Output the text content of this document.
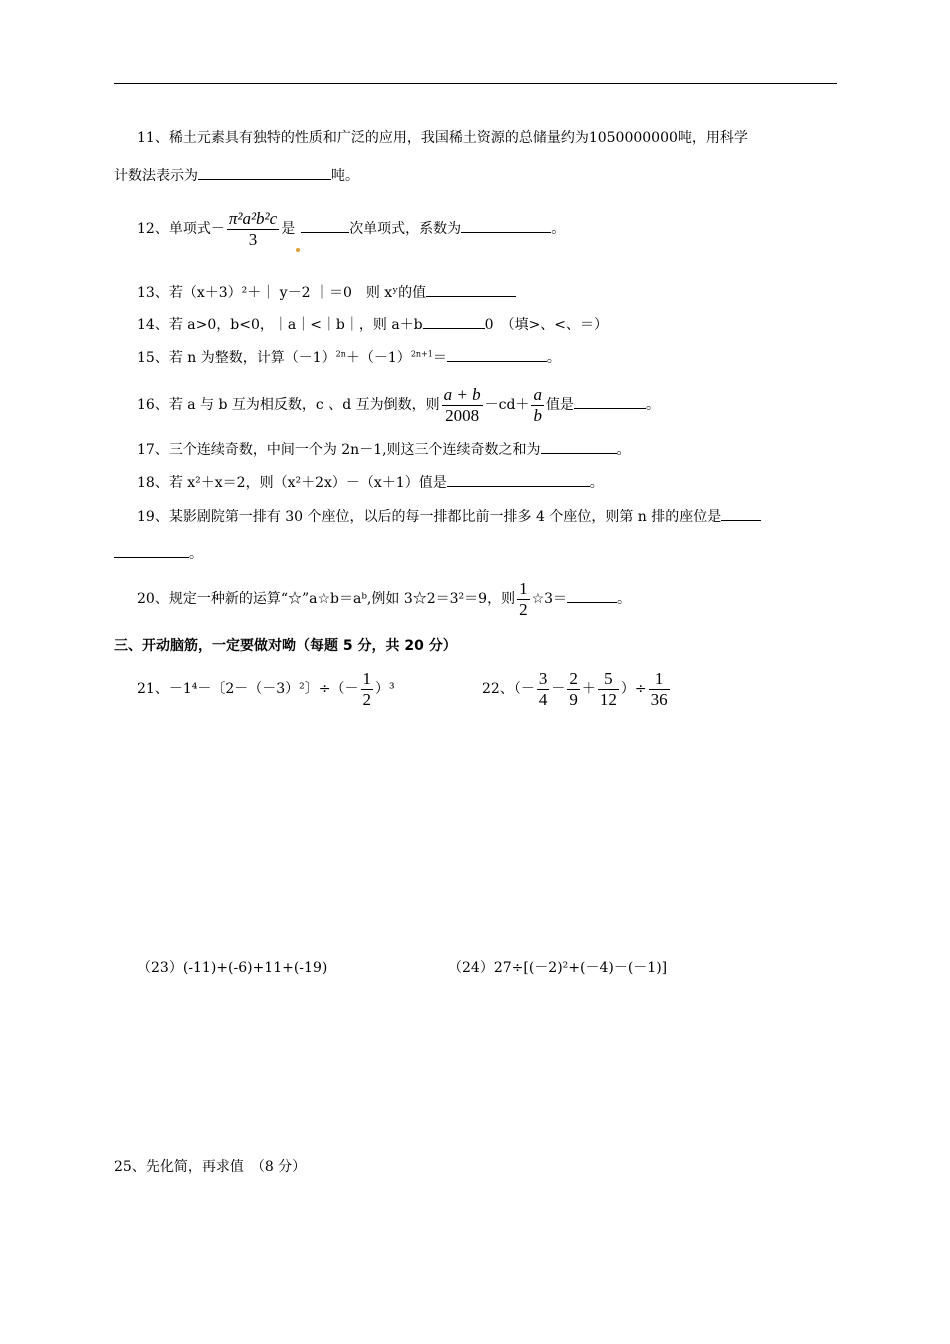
11、稀土元素具有独特的性质和广泛的应用，我国稀土资源的总储量约为1050000000吨，用科学
计数法表示为	吨。
12、单项式－ $\frac{\text{π²a²b²c}}{3}$ 是	次单项式，系数为	。
13、若（x＋3）²＋｜ y－2 ｜＝0　则 xʸ的值
14、若 a>0，b<0，｜a｜<｜b｜，则 a＋b	0　（填>、<、＝）
15、若 n 为整数，计算$(-1)^{2n}+(-1)^{2n+1}=$	。
16、若 a 与 b 互为相反数，c 、d 互为倒数，则 $\frac{a + b}{2008} -cd+ \frac{a}{b}$ 值是	。
17、三个连续奇数，中间一个为 2n－1,则这三个连续奇数之和为	。
18、若 x²＋x＝2，则（x²＋2x）－（x＋1）值是	。
19、某影剧院第一排有 30 个座位，以后的每一排都比前一排多 4 个座位，则第 n 排的座位是
。
20、规定一种新的运算“☆”a☆b＝aᵇ,例如 3☆2＝3²＝9，则 $\frac{1}{2}$ ☆3＝	。
三、开动脑筋，一定要做对呦（每题 5 分，共 20 分）
21、－1⁴－〔2－（－3）²〕÷（－ $\frac{1}{2} )^3$	22、（－ $\frac{3}{4} - \frac{2}{9} + \frac{5}{12}$ ）÷ $\frac{1}{36}$
（23）(-11)+(-6)+11+(-19)	（24）27÷[(－2)²+(－4)－(－1)]
25、先化简，再求值　（8 分）
